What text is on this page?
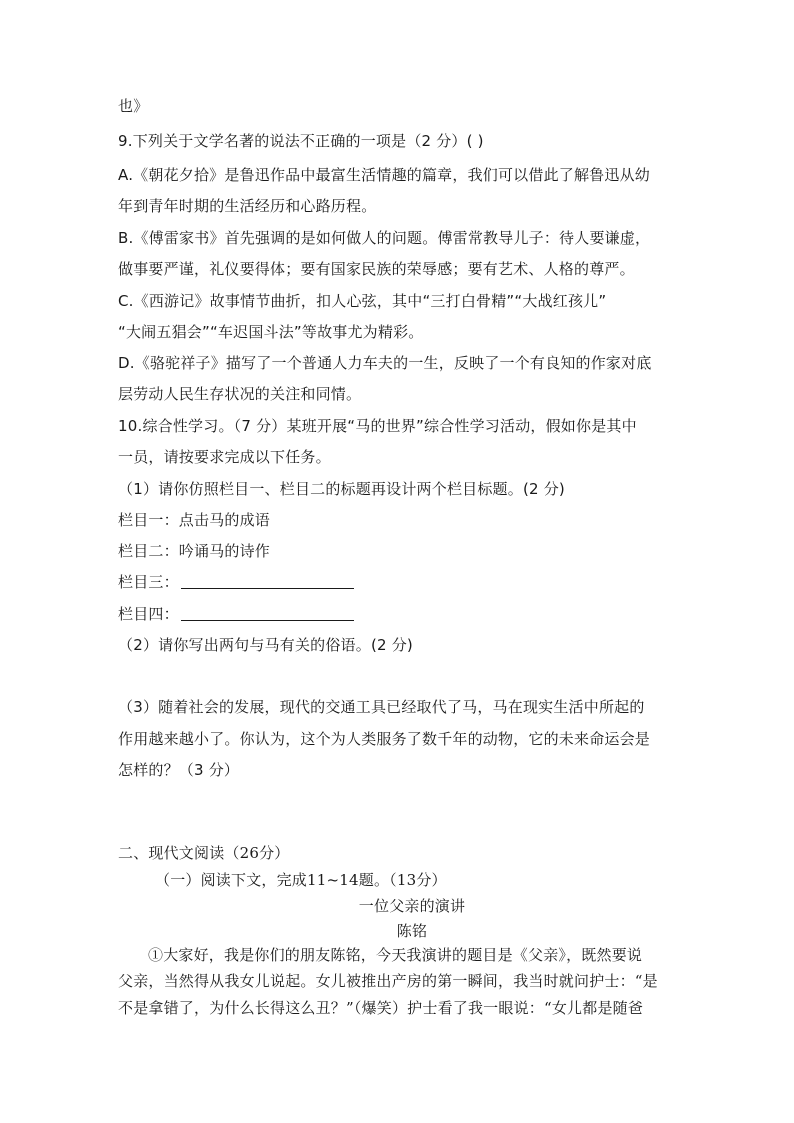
也》
9.下列关于文学名著的说法不正确的一项是（2 分）( )
A.《朝花夕拾》是鲁迅作品中最富生活情趣的篇章，我们可以借此了解鲁迅从幼
年到青年时期的生活经历和心路历程。
B.《傅雷家书》首先强调的是如何做人的问题。傅雷常教导儿子：待人要谦虚，
做事要严谨，礼仪要得体；要有国家民族的荣辱感；要有艺术、人格的尊严。
C.《西游记》故事情节曲折，扣人心弦，其中“三打白骨精”“大战红孩儿”
“大闹五猖会”“车迟国斗法”等故事尤为精彩。
D.《骆驼祥子》描写了一个普通人力车夫的一生，反映了一个有良知的作家对底
层劳动人民生存状况的关注和同情。
10.综合性学习。（7 分）某班开展“马的世界”综合性学习活动，假如你是其中
一员，请按要求完成以下任务。
（1）请你仿照栏目一、栏目二的标题再设计两个栏目标题。(2 分)
栏目一：点击马的成语
栏目二：吟诵马的诗作
栏目三：
栏目四：
（2）请你写出两句与马有关的俗语。(2 分)
（3）随着社会的发展，现代的交通工具已经取代了马，马在现实生活中所起的
作用越来越小了。你认为，这个为人类服务了数千年的动物，它的未来命运会是
怎样的？（3 分）
二、现代文阅读（26分）
（一）阅读下文，完成11~14题。（13分）
一位父亲的演讲
陈铭
①大家好，我是你们的朋友陈铭，今天我演讲的题目是《父亲》，既然要说
父亲，当然得从我女儿说起。女儿被推出产房的第一瞬间，我当时就问护士：“是
不是拿错了，为什么长得这么丑？”（爆笑）护士看了我一眼说：“女儿都是随爸
